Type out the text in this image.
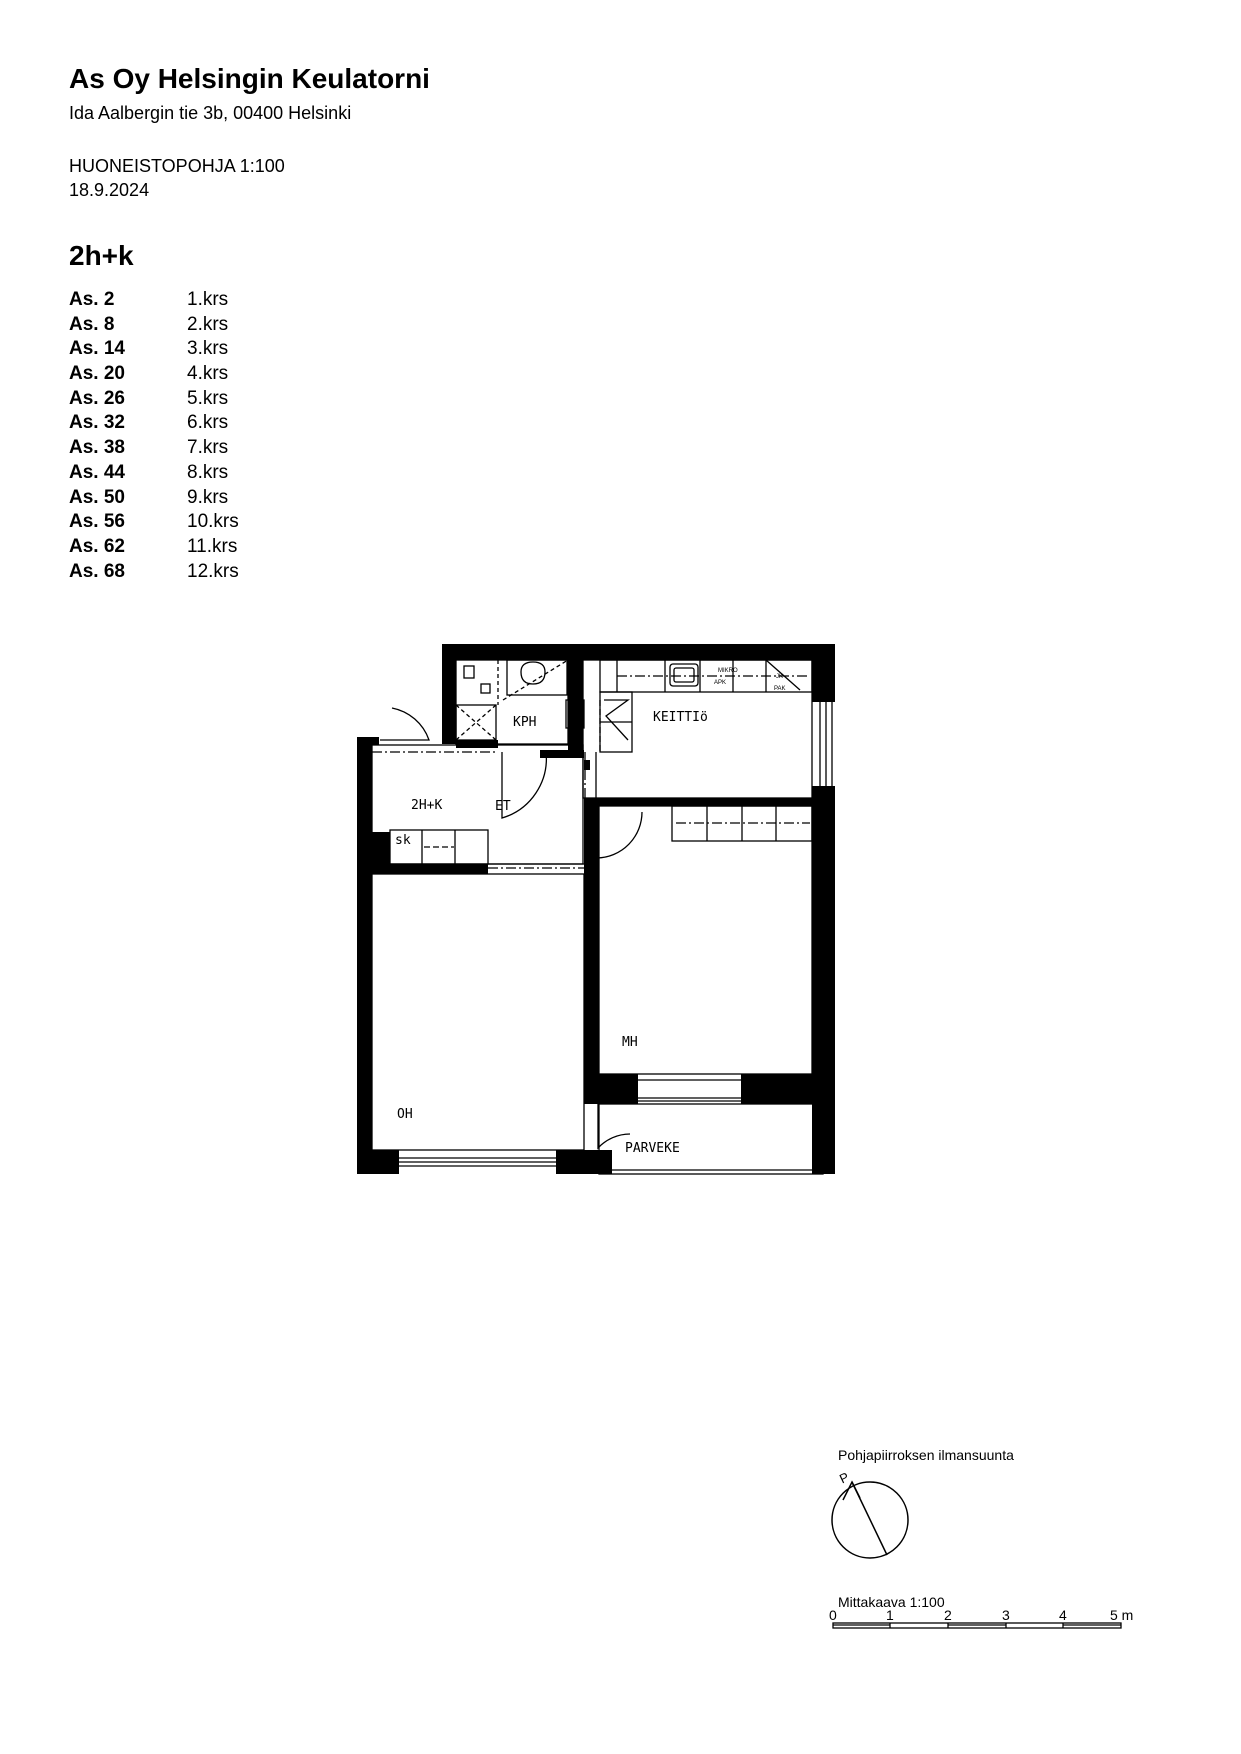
As Oy Helsingin Keulatorni
Ida Aalbergin tie 3b, 00400 Helsinki
HUONEISTOPOHJA 1:100
18.9.2024
2h+k
As. 2	1.krs
As. 8	2.krs
As. 14	3.krs
As. 20	4.krs
As. 26	5.krs
As. 32	6.krs
As. 38	7.krs
As. 44	8.krs
As. 50	9.krs
As. 56	10.krs
As. 62	11.krs
As. 68	12.krs
KPH	KEITTIö
2H+K	ET
sk
MH
OH
PARVEKE
MIKRO
APK
JK
PAK
P
0	1	2	3	4	5 m
Pohjapiirroksen ilmansuunta
Mittakaava 1:100
